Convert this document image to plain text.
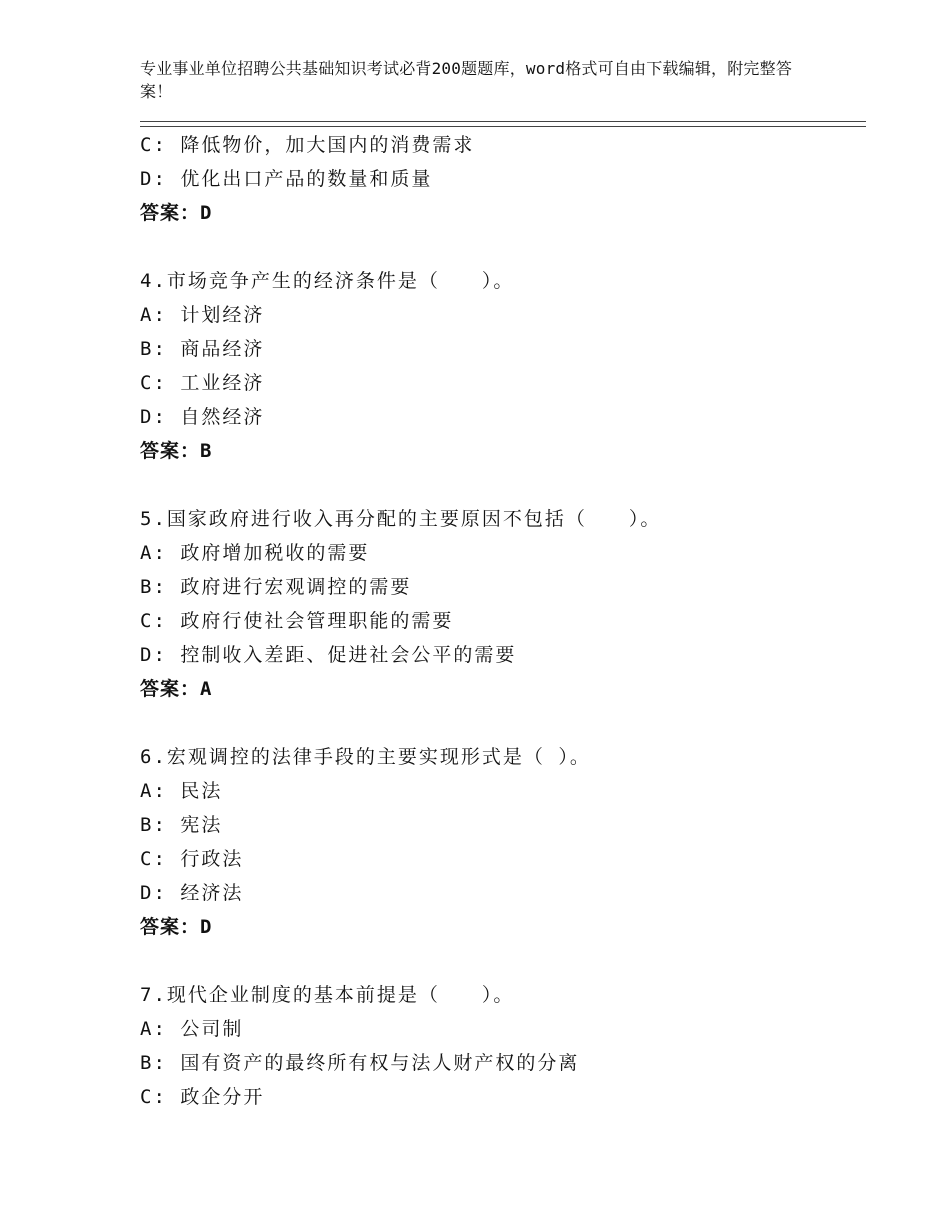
专业事业单位招聘公共基础知识考试必背200题题库，word格式可自由下载编辑，附完整答案！
C: 降低物价，加大国内的消费需求
D: 优化出口产品的数量和质量
答案：D
4.市场竞争产生的经济条件是（　　）。
A: 计划经济
B: 商品经济
C: 工业经济
D: 自然经济
答案：B
5.国家政府进行收入再分配的主要原因不包括（　　）。
A: 政府增加税收的需要
B: 政府进行宏观调控的需要
C: 政府行使社会管理职能的需要
D: 控制收入差距、促进社会公平的需要
答案：A
6.宏观调控的法律手段的主要实现形式是（ ）。
A: 民法
B: 宪法
C: 行政法
D: 经济法
答案：D
7.现代企业制度的基本前提是（　　）。
A: 公司制
B: 国有资产的最终所有权与法人财产权的分离
C: 政企分开
